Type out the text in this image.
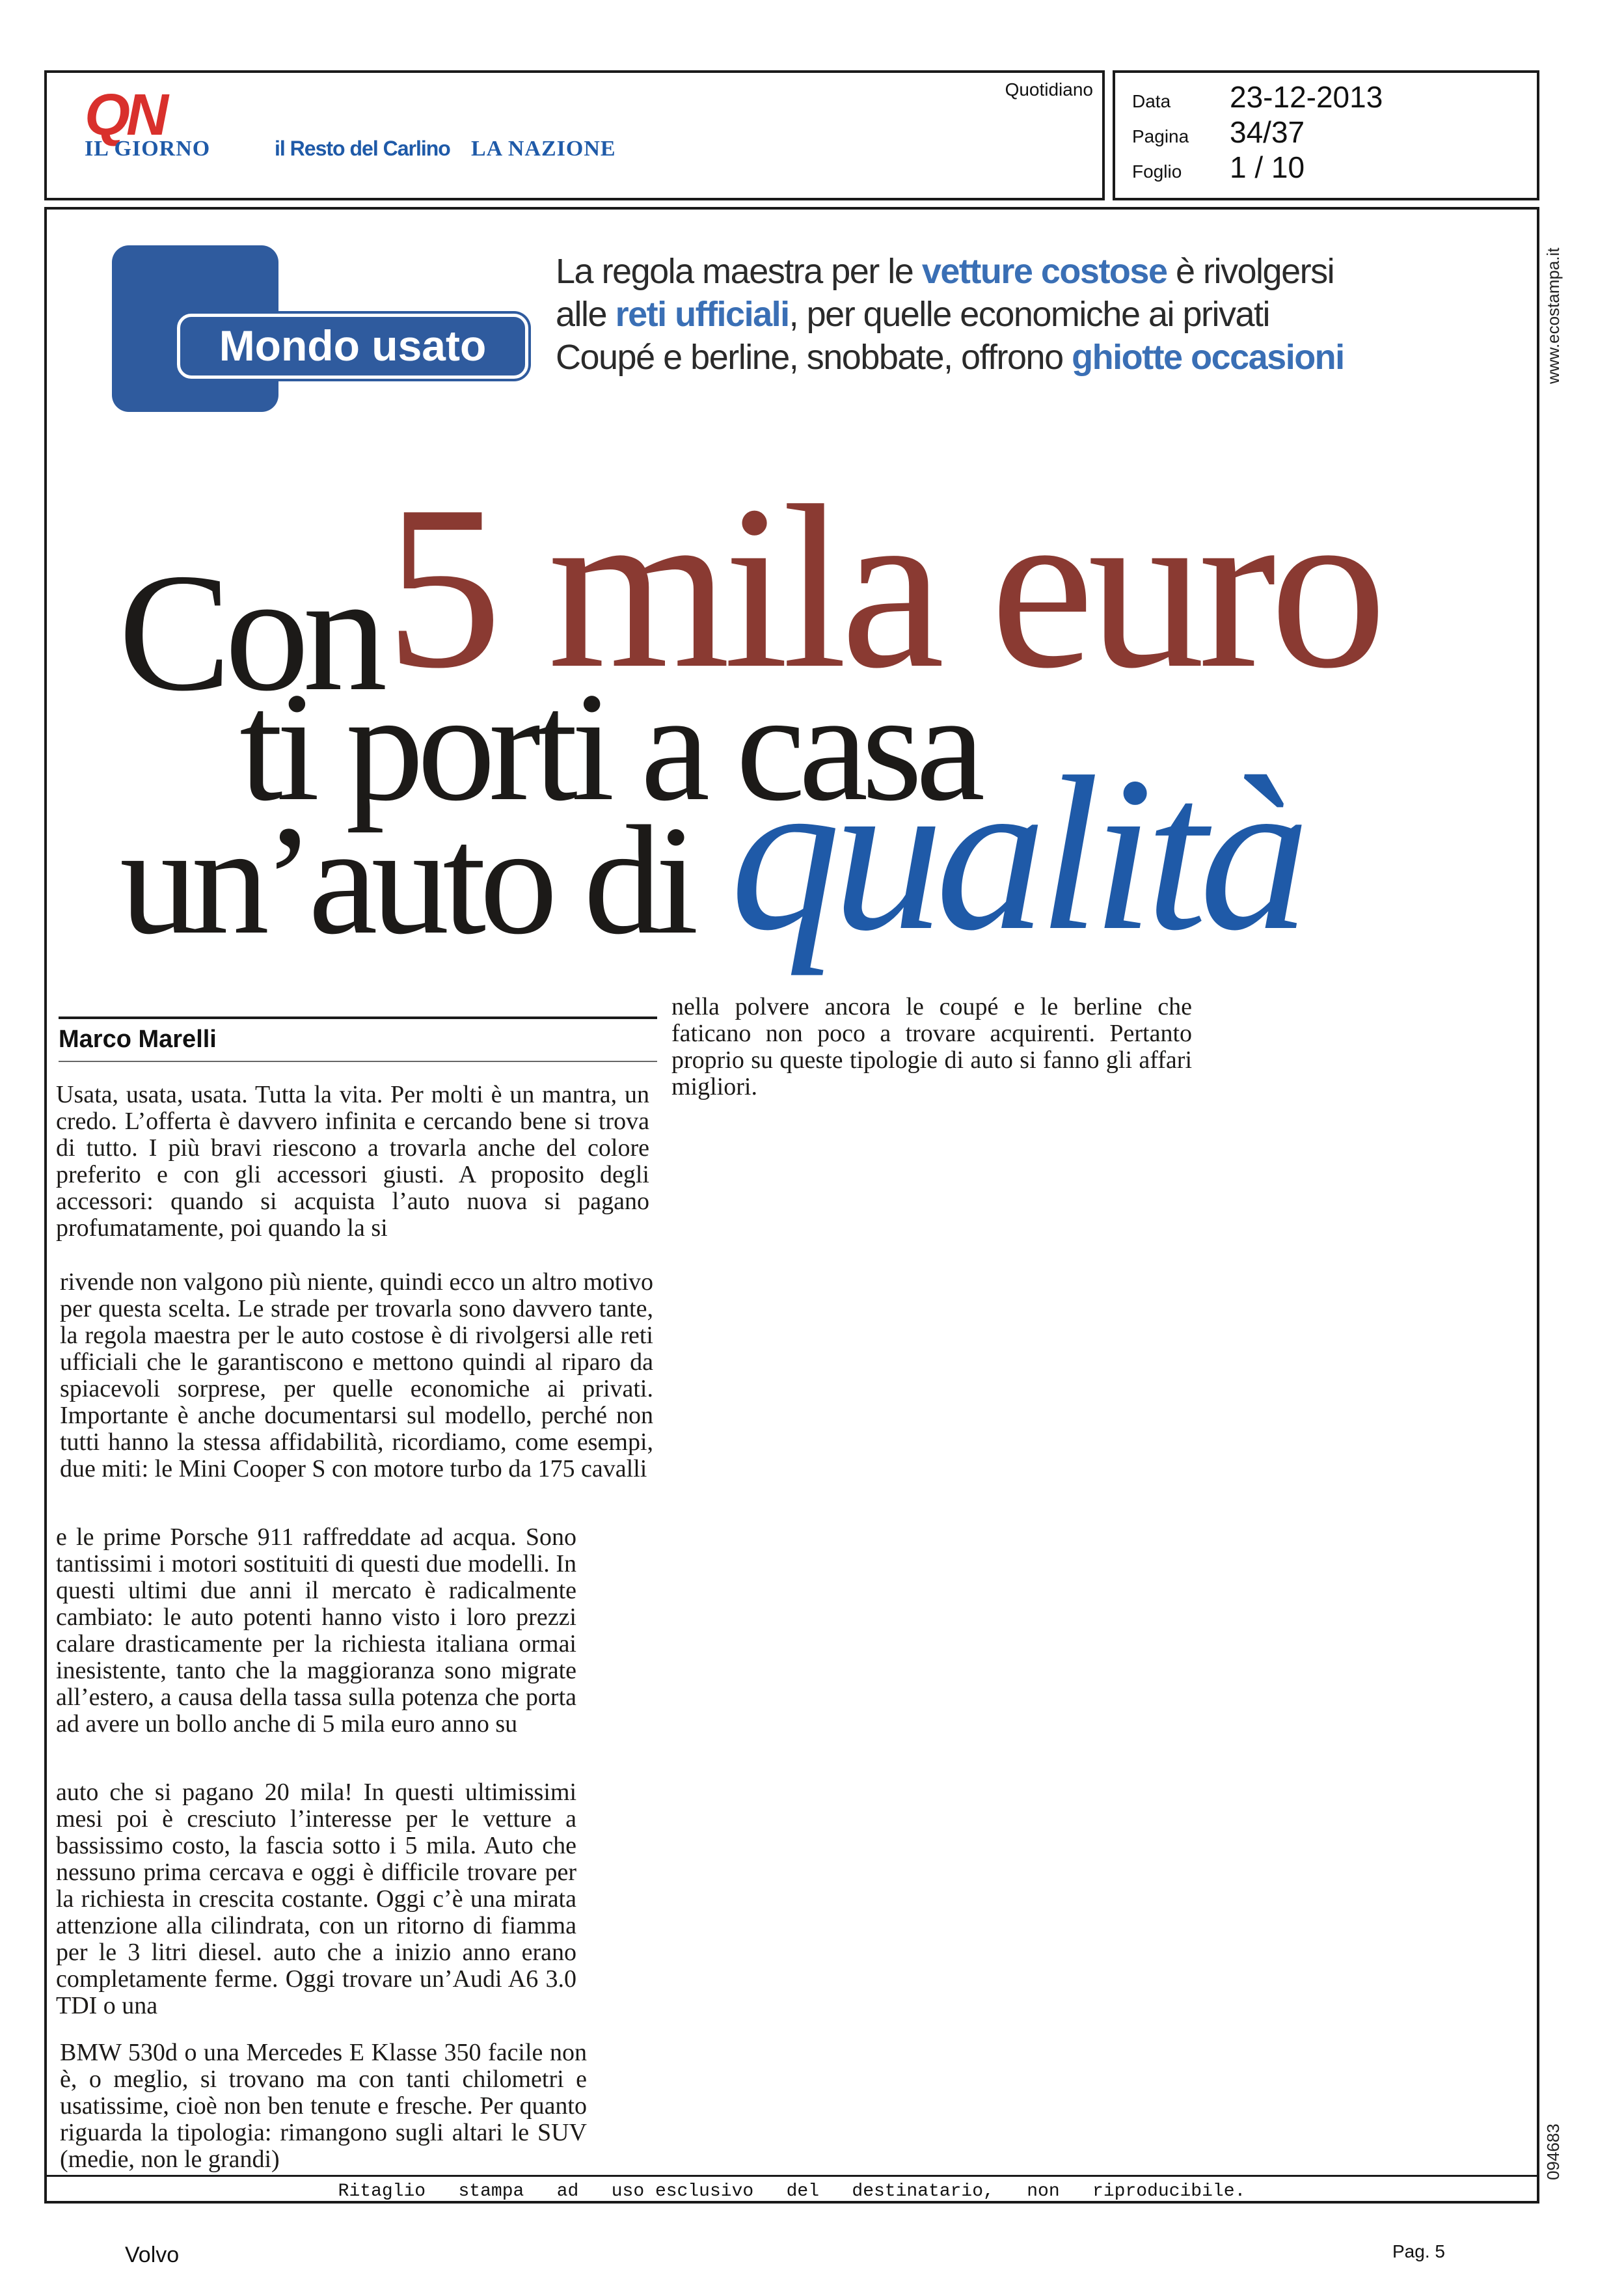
QN
IL GIORNO	il Resto del Carlino LA NAZIONE
Quotidiano
Data 23-12-2013
Pagina 34/37
Foglio 1 / 10
Mondo usato
La regola maestra per le vetture costose è rivolgersi
alle reti ufficiali, per quelle economiche ai privati
Coupé e berline, snobbate, offrono ghiotte occasioni
Con 5 mila euro
ti porti a casa
un’auto di qualità
Marco Marelli

Usata, usata, usata. Tutta la vita. Per molti è un mantra, un credo. L’offerta è davvero infinita e cercando bene si trova di tutto. I più bravi riescono a trovarla anche del colore preferito e con gli accessori giusti. A proposito degli accessori: quando si acquista l’auto nuova si pagano profumatamente, poi quando la si

rivende non valgono più niente, quindi ecco un altro motivo per questa scelta. Le strade per trovarla sono davvero tante, la regola maestra per le auto costose è di rivolgersi alle reti ufficiali che le garantiscono e mettono quindi al riparo da spiacevoli sorprese, per quelle economiche ai privati. Importante è anche documentarsi sul modello, perché non tutti hanno la stessa affidabilità, ricordiamo, come esempi, due miti: le Mini Cooper S con motore turbo da 175 cavalli

e le prime Porsche 911 raffreddate ad acqua. Sono tantissimi i motori sostituiti di questi due modelli. In questi ultimi due anni il mercato è radicalmente cambiato: le auto potenti hanno visto i loro prezzi calare drasticamente per la richiesta italiana ormai inesistente, tanto che la maggioranza sono migrate all’estero, a causa della tassa sulla potenza che porta ad avere un bollo anche di 5 mila euro anno su

auto che si pagano 20 mila! In questi ultimissimi mesi poi è cresciuto l’interesse per le vetture a bassissimo costo, la fascia sotto i 5 mila. Auto che nessuno prima cercava e oggi è difficile trovare per la richiesta in crescita costante. Oggi c’è una mirata attenzione alla cilindrata, con un ritorno di fiamma per le 3 litri diesel. auto che a inizio anno erano completamente ferme. Oggi trovare un’Audi A6 3.0 TDI o una

BMW 530d o una Mercedes E Klasse 350 facile non è, o meglio, si trovano ma con tanti chilometri e usatissime, cioè non ben tenute e fresche. Per quanto riguarda la tipologia: rimangono sugli altari le SUV (medie, non le grandi)

nella polvere ancora le coupé e le berline che faticano non poco a trovare acquirenti. Pertanto proprio su queste tipologie di auto si fanno gli affari migliori.

Ritaglio   stampa   ad   uso esclusivo   del   destinatario,   non   riproducibile.
www.ecostampa.it
094683
Volvo	Pag. 5
